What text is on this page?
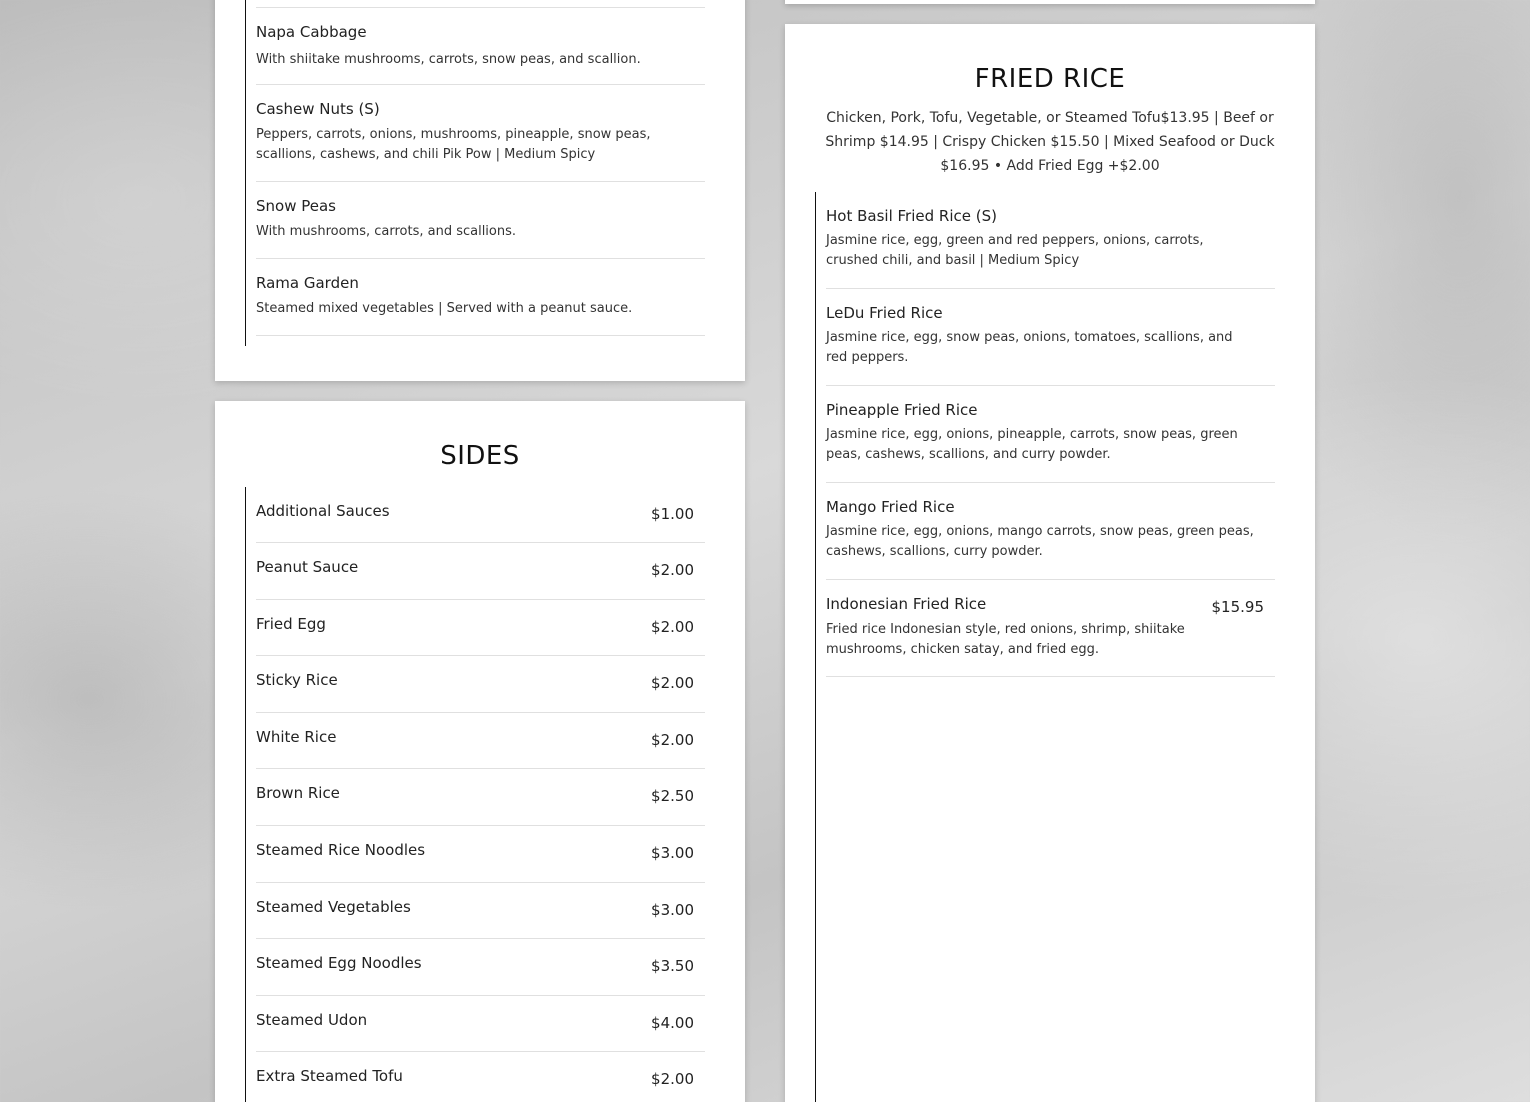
Napa Cabbage
With shiitake mushrooms, carrots, snow peas, and scallion.
Cashew Nuts (S)
Peppers, carrots, onions, mushrooms, pineapple, snow peas, scallions, cashews, and chili Pik Pow | Medium Spicy
Snow Peas
With mushrooms, carrots, and scallions.
Rama Garden
Steamed mixed vegetables | Served with a peanut sauce.
SIDES
Additional Sauces	$1.00
Peanut Sauce	$2.00
Fried Egg	$2.00
Sticky Rice	$2.00
White Rice	$2.00
Brown Rice	$2.50
Steamed Rice Noodles	$3.00
Steamed Vegetables	$3.00
Steamed Egg Noodles	$3.50
Steamed Udon	$4.00
Extra Steamed Tofu	$2.00
FRIED RICE
Chicken, Pork, Tofu, Vegetable, or Steamed Tofu$13.95 | Beef or Shrimp $14.95 | Crispy Chicken $15.50 | Mixed Seafood or Duck $16.95 • Add Fried Egg +$2.00
Hot Basil Fried Rice (S)
Jasmine rice, egg, green and red peppers, onions, carrots, crushed chili, and basil | Medium Spicy
LeDu Fried Rice
Jasmine rice, egg, snow peas, onions, tomatoes, scallions, and red peppers.
Pineapple Fried Rice
Jasmine rice, egg, onions, pineapple, carrots, snow peas, green peas, cashews, scallions, and curry powder.
Mango Fried Rice
Jasmine rice, egg, onions, mango carrots, snow peas, green peas, cashews, scallions, curry powder.
Indonesian Fried Rice	$15.95
Fried rice Indonesian style, red onions, shrimp, shiitake mushrooms, chicken satay, and fried egg.
